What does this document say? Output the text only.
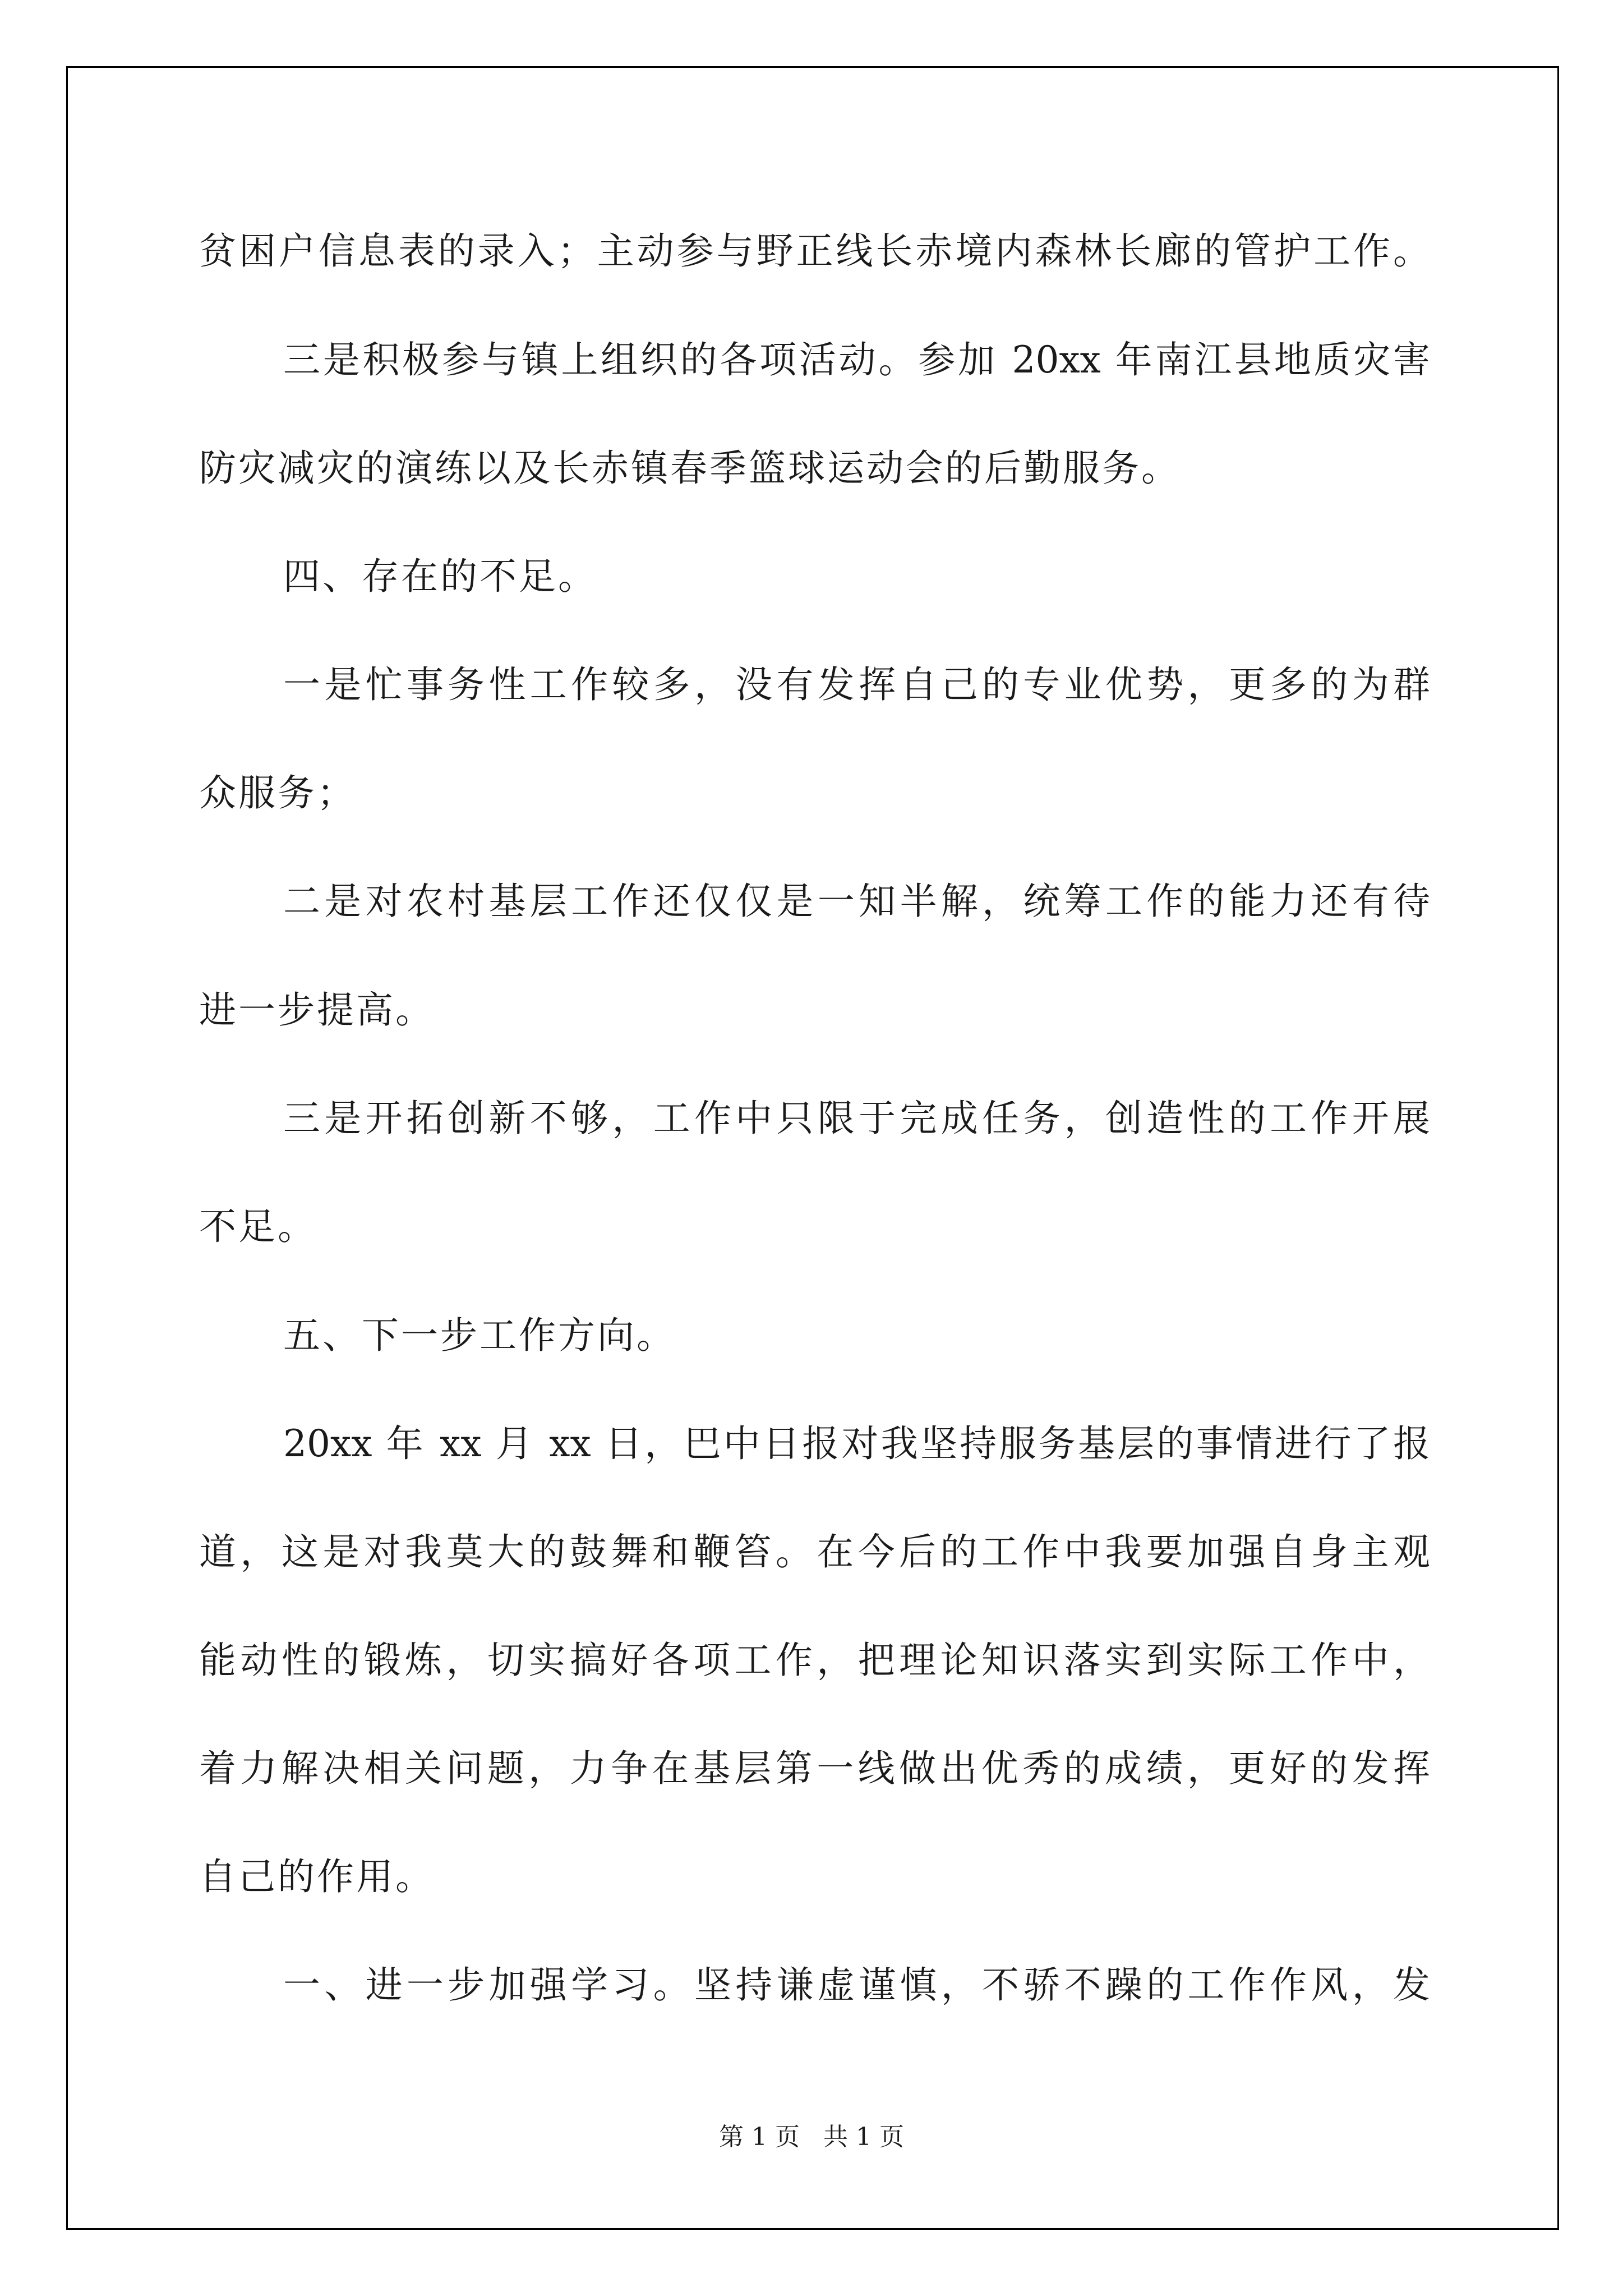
贫困户信息表的录入；主动参与野正线长赤境内森林长廊的管护工作。
三是积极参与镇上组织的各项活动。参加 20xx 年南江县地质灾害
防灾减灾的演练以及长赤镇春季篮球运动会的后勤服务。
四、存在的不足。
一是忙事务性工作较多，没有发挥自己的专业优势，更多的为群
众服务；
二是对农村基层工作还仅仅是一知半解，统筹工作的能力还有待
进一步提高。
三是开拓创新不够，工作中只限于完成任务，创造性的工作开展
不足。
五、下一步工作方向。
20xx 年 xx 月 xx 日，巴中日报对我坚持服务基层的事情进行了报
道，这是对我莫大的鼓舞和鞭笞。在今后的工作中我要加强自身主观
能动性的锻炼，切实搞好各项工作，把理论知识落实到实际工作中，
着力解决相关问题，力争在基层第一线做出优秀的成绩，更好的发挥
自己的作用。
一、进一步加强学习。坚持谦虚谨慎，不骄不躁的工作作风，发
第 1 页   共 1 页
